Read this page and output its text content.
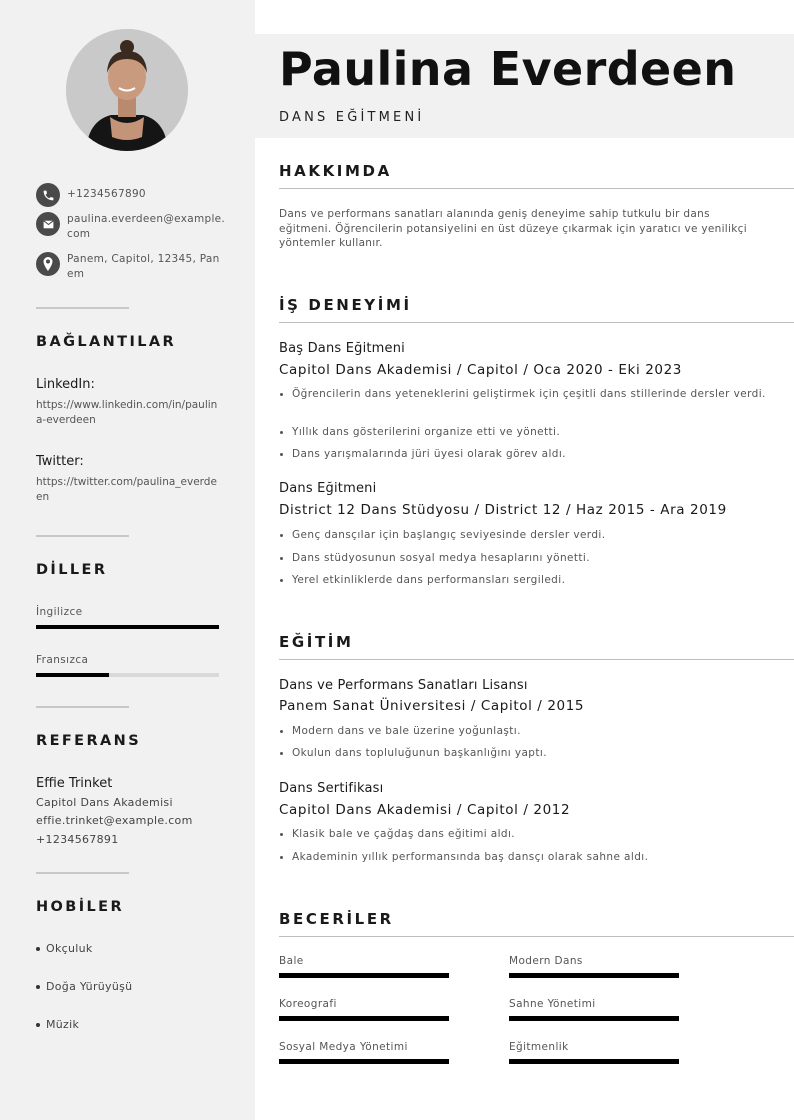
+1234567890
paulina.everdeen@example.com
Panem, Capitol, 12345, Panem
BAĞLANTILAR
LinkedIn:
https://www.linkedin.com/in/paulina-everdeen
Twitter:
https://twitter.com/paulina_everdeen
DİLLER
İngilizce
Fransızca
REFERANS
Effie Trinket
Capitol Dans Akademisi
effie.trinket@example.com
+1234567891
HOBİLER
Okçuluk
Doğa Yürüyüşü
Müzik
Paulina Everdeen
DANS EĞİTMENİ
HAKKIMDA
Dans ve performans sanatları alanında geniş deneyime sahip tutkulu bir dans eğitmeni. Öğrencilerin potansiyelini en üst düzeye çıkarmak için yaratıcı ve yenilikçi yöntemler kullanır.
İŞ DENEYİMİ
Baş Dans Eğitmeni
Capitol Dans Akademisi / Capitol / Oca 2020 - Eki 2023
Öğrencilerin dans yeteneklerini geliştirmek için çeşitli dans stillerinde dersler verdi.
Yıllık dans gösterilerini organize etti ve yönetti.
Dans yarışmalarında jüri üyesi olarak görev aldı.
Dans Eğitmeni
District 12 Dans Stüdyosu / District 12 / Haz 2015 - Ara 2019
Genç dansçılar için başlangıç seviyesinde dersler verdi.
Dans stüdyosunun sosyal medya hesaplarını yönetti.
Yerel etkinliklerde dans performansları sergiledi.
EĞİTİM
Dans ve Performans Sanatları Lisansı
Panem Sanat Üniversitesi / Capitol / 2015
Modern dans ve bale üzerine yoğunlaştı.
Okulun dans topluluğunun başkanlığını yaptı.
Dans Sertifikası
Capitol Dans Akademisi / Capitol / 2012
Klasik bale ve çağdaş dans eğitimi aldı.
Akademinin yıllık performansında baş dansçı olarak sahne aldı.
BECERİLER
Bale	Modern Dans
Koreografi	Sahne Yönetimi
Sosyal Medya Yönetimi	Eğitmenlik
